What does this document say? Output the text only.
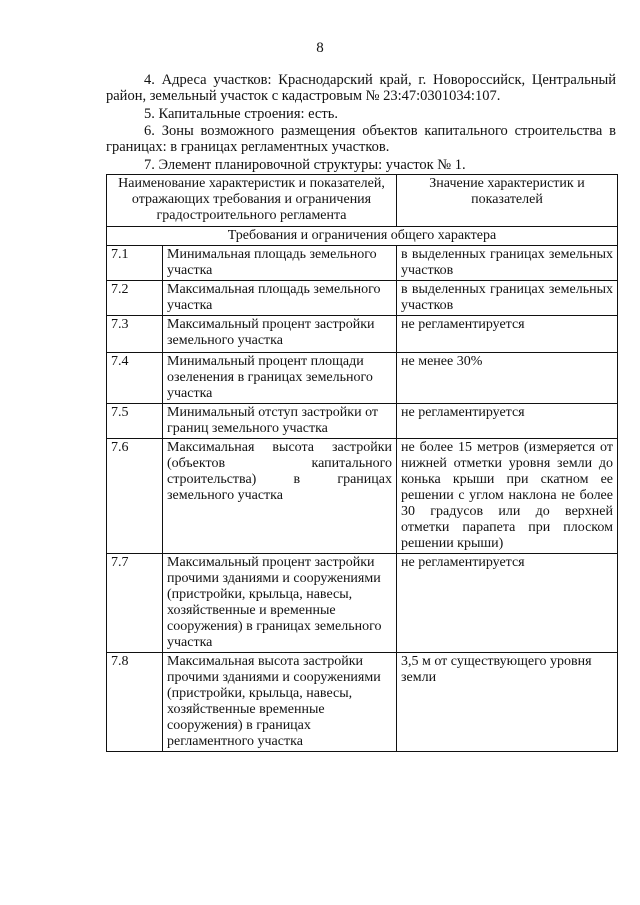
8
4. Адреса участков: Краснодарский край, г. Новороссийск, Центральный район, земельный участок с кадастровым № 23:47:0301034:107.
5. Капитальные строения: есть.
6. Зоны возможного размещения объектов капитального строительства в границах: в границах регламентных участков.
7. Элемент планировочной структуры: участок № 1.
Наименование характеристик и показателей, отражающих требования и ограничения градостроительного регламента		Значение характеристик и показателей
Требования и ограничения общего характера		
7.1	Минимальная площадь земельного участка	в выделенных границах земельных участков
7.2	Максимальная площадь земельного участка	в выделенных границах земельных участков
7.3	Максимальный процент застройки земельного участка	не регламентируется
7.4	Минимальный процент площади озеленения в границах земельного участка	не менее 30%
7.5	Минимальный отступ застройки от границ земельного участка	не регламентируется
7.6	Максимальная высота застройки (объектов капитального строительства) в границах земельного участка	не более 15 метров (измеряется от нижней отметки уровня земли до конька крыши при скатном ее решении с углом наклона не более 30 градусов или до верхней отметки парапета при плоском решении крыши)
7.7	Максимальный процент застройки прочими зданиями и сооружениями (пристройки, крыльца, навесы, хозяйственные и временные сооружения) в границах земельного участка	не регламентируется
7.8	Максимальная высота застройки прочими зданиями и сооружениями (пристройки, крыльца, навесы, хозяйственные временные сооружения) в границах регламентного участка	3,5 м от существующего уровня земли
